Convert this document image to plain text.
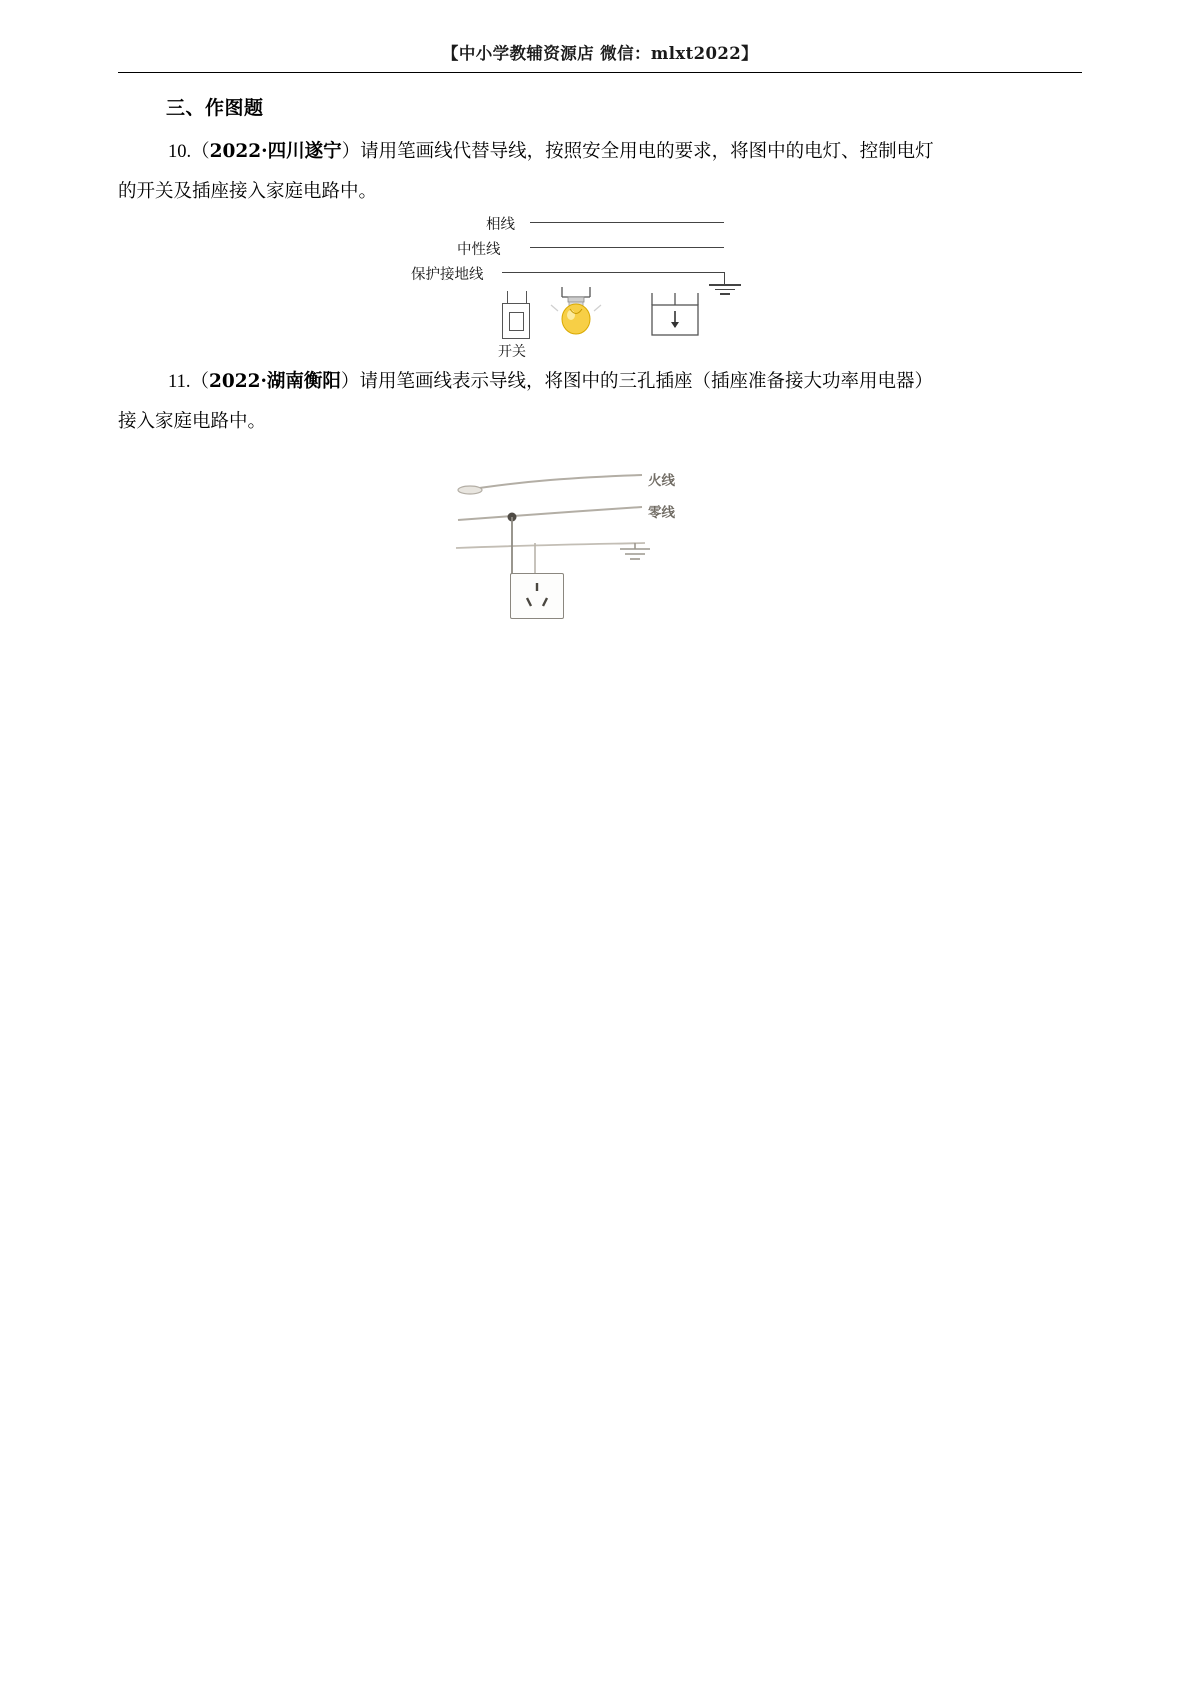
【中小学教辅资源店 微信：mlxt2022】
三、作图题
10.（2022·四川遂宁）请用笔画线代替导线，按照安全用电的要求，将图中的电灯、控制电灯
的开关及插座接入家庭电路中。
相线
中性线
保护接地线
开关
11.（2022·湖南衡阳）请用笔画线表示导线，将图中的三孔插座（插座准备接大功率用电器）
接入家庭电路中。
火线
零线
